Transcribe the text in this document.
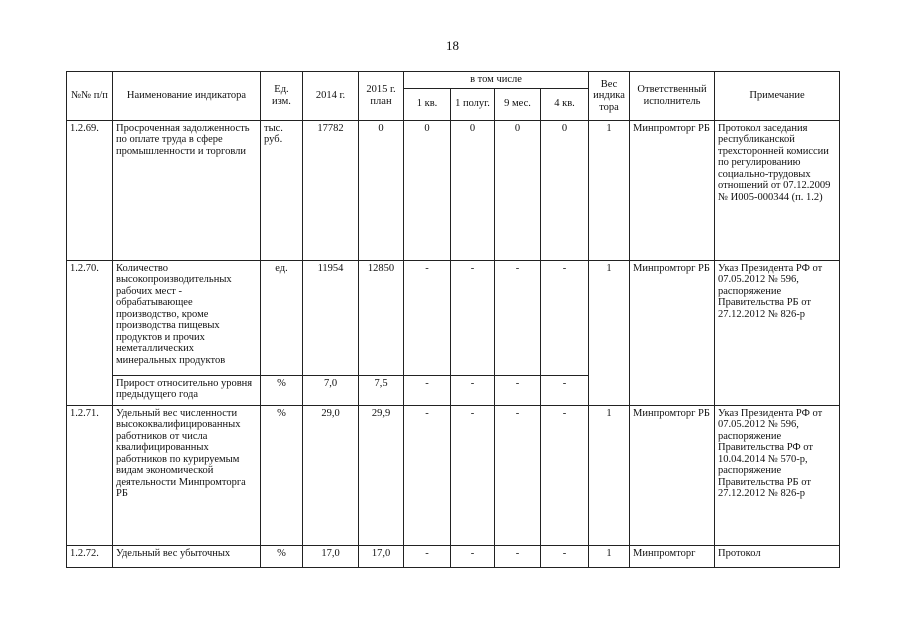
18
№№ п/п	Наименование индикатора	Ед. изм.	2014 г.	2015 г. план	в том числе				Вес индика тора	Ответственный исполнитель	Примечание
					1 кв.	1 полуг.	9 мес.	4 кв.			
1.2.69.	Просроченная задолженность по оплате труда в сфере промышленности и торговли	тыс. руб.	17782	0	0	0	0	0	1	Минпромторг РБ	Протокол заседания республиканской трехсторонней комиссии по регулированию социально-трудовых отношений от 07.12.2009 № И005-000344 (п. 1.2)
1.2.70.	Количество высокопроизводительных рабочих мест - обрабатывающее производство, кроме производства пищевых продуктов и прочих неметаллических минеральных продуктов	ед.	11954	12850	-	-	-	-	1	Минпромторг РБ	Указ Президента РФ от 07.05.2012 № 596, распоряжение Правительства РБ от 27.12.2012 № 826-р
	Прирост относительно уровня предыдущего года	%	7,0	7,5	-	-	-	-			
1.2.71.	Удельный вес численности высококвалифицированных работников от числа квалифицированных работников по курируемым видам экономической деятельности Минпромторга РБ	%	29,0	29,9	-	-	-	-	1	Минпромторг РБ	Указ Президента РФ от 07.05.2012 № 596, распоряжение Правительства РФ от 10.04.2014 № 570-р, распоряжение Правительства РБ от 27.12.2012 № 826-р
1.2.72.	Удельный вес убыточных	%	17,0	17,0	-	-	-	-	1	Минпромторг	Протокол
